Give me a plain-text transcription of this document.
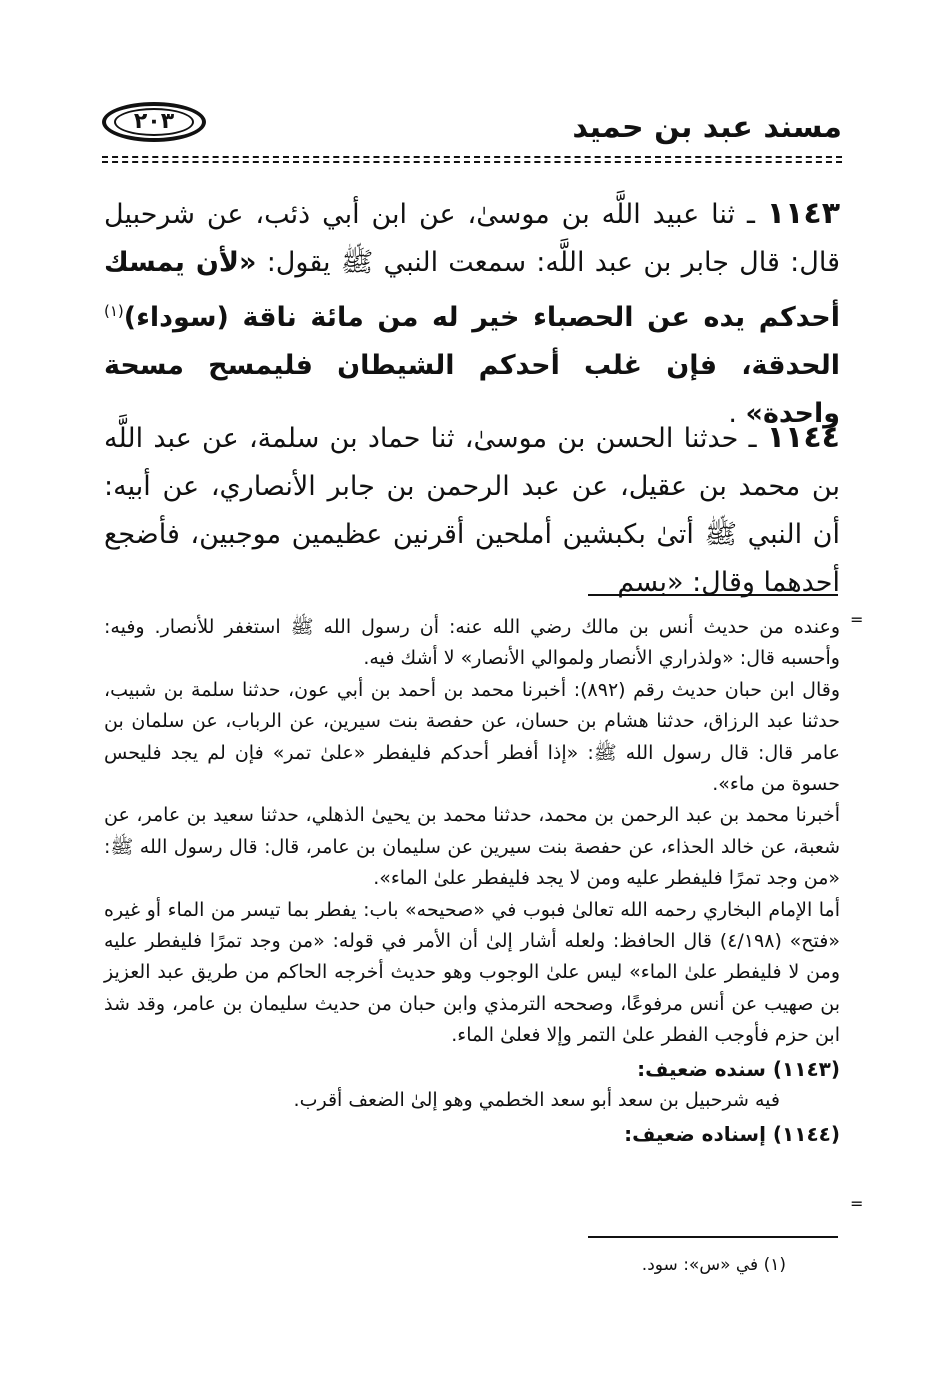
٢٠٣	مسند عبد بن حميد
١١٤٣ ـ ثنا عبيد اللَّه بن موسىٰ، عن ابن أبي ذئب، عن شرحبيل قال: قال جابر بن عبد اللَّه: سمعت النبي ﷺ يقول: «لأن يمسك أحدكم يده عن الحصباء خير له من مائة ناقة (سوداء)$^{(١)}$ الحدقة، فإن غلب أحدكم الشيطان فليمسح مسحة واحدة» .
١١٤٤ ـ حدثنا الحسن بن موسىٰ، ثنا حماد بن سلمة، عن عبد اللَّه بن محمد بن عقيل، عن عبد الرحمن بن جابر الأنصاري، عن أبيه: أن النبي ﷺ أتىٰ بكبشين أملحين أقرنين عظيمين موجبين، فأضجع أحدهما وقال: «بسم
=

وعنده من حديث أنس بن مالك رضي الله عنه: أن رسول الله ﷺ استغفر للأنصار. وفيه: وأحسبه قال: «ولذراري الأنصار ولموالي الأنصار» لا أشك فيه.

وقال ابن حبان حديث رقم (٨٩٢): أخبرنا محمد بن أحمد بن أبي عون، حدثنا سلمة بن شبيب، حدثنا عبد الرزاق، حدثنا هشام بن حسان، عن حفصة بنت سيرين، عن الرباب، عن سلمان بن عامر قال: قال رسول الله ﷺ: «إذا أفطر أحدكم فليفطر «علىٰ تمر» فإن لم يجد فليحس حسوة من ماء».

أخبرنا محمد بن عبد الرحمن بن محمد، حدثنا محمد بن يحيىٰ الذهلي، حدثنا سعيد بن عامر، عن شعبة، عن خالد الحذاء، عن حفصة بنت سيرين عن سليمان بن عامر، قال: قال رسول الله ﷺ: «من وجد تمرًا فليفطر عليه ومن لا يجد فليفطر علىٰ الماء».

أما الإمام البخاري رحمه الله تعالىٰ فبوب في «صحيحه» باب: يفطر بما تيسر من الماء أو غيره «فتح» (٤/١٩٨) قال الحافظ: ولعله أشار إلىٰ أن الأمر في قوله: «من وجد تمرًا فليفطر عليه ومن لا فليفطر علىٰ الماء» ليس علىٰ الوجوب وهو حديث أخرجه الحاكم من طريق عبد العزيز بن صهيب عن أنس مرفوعًا، وصححه الترمذي وابن حبان من حديث سليمان بن عامر، وقد شذ ابن حزم فأوجب الفطر علىٰ التمر وإلا فعلىٰ الماء.

(١١٤٣) سنده ضعيف:

فيه شرحبيل بن سعد أبو سعد الخطمي وهو إلىٰ الضعف أقرب.

(١١٤٤) إسناده ضعيف:

=
(١) في «س»: سود.
